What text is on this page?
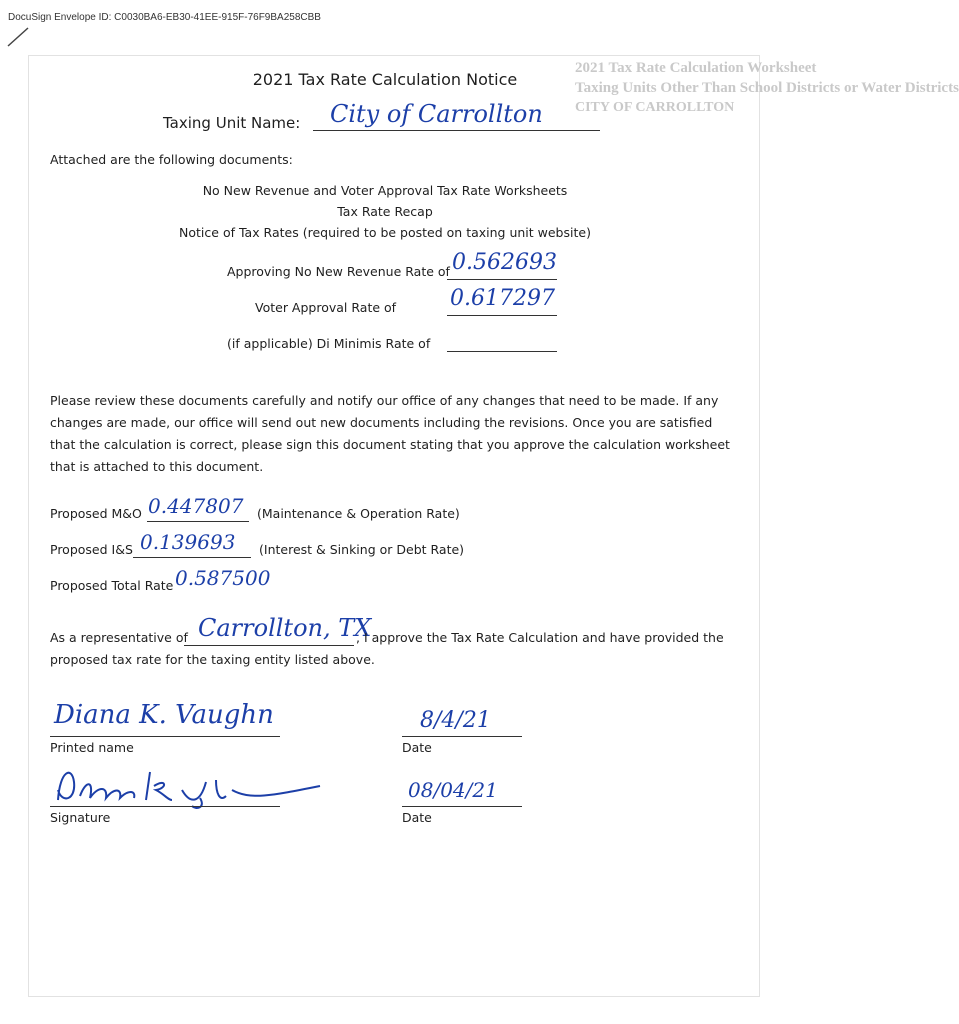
DocuSign Envelope ID: C0030BA6-EB30-41EE-915F-76F9BA258CBB
2021 Tax Rate Calculation Worksheet
Taxing Units Other Than School Districts or Water Districts
CITY OF CARROLLTON
2021 Tax Rate Calculation Notice
Taxing Unit Name: City of Carrollton
Attached are the following documents:
No New Revenue and Voter Approval Tax Rate Worksheets
Tax Rate Recap
Notice of Tax Rates (required to be posted on taxing unit website)
Approving No New Revenue Rate of 0.562693
Voter Approval Rate of 0.617297
(if applicable) Di Minimis Rate of
Please review these documents carefully and notify our office of any changes that need to be made. If any changes are made, our office will send out new documents including the revisions. Once you are satisfied that the calculation is correct, please sign this document stating that you approve the calculation worksheet that is attached to this document.
Proposed M&O 0.447807 (Maintenance & Operation Rate)
Proposed I&S 0.139693 (Interest & Sinking or Debt Rate)
Proposed Total Rate 0.587500
As a representative of Carrollton, TX
, I approve the Tax Rate Calculation and have provided the
proposed tax rate for the taxing entity listed above.
Diana K. Vaughn
Printed name
8/4/21
Date
Signature
08/04/21
Date
